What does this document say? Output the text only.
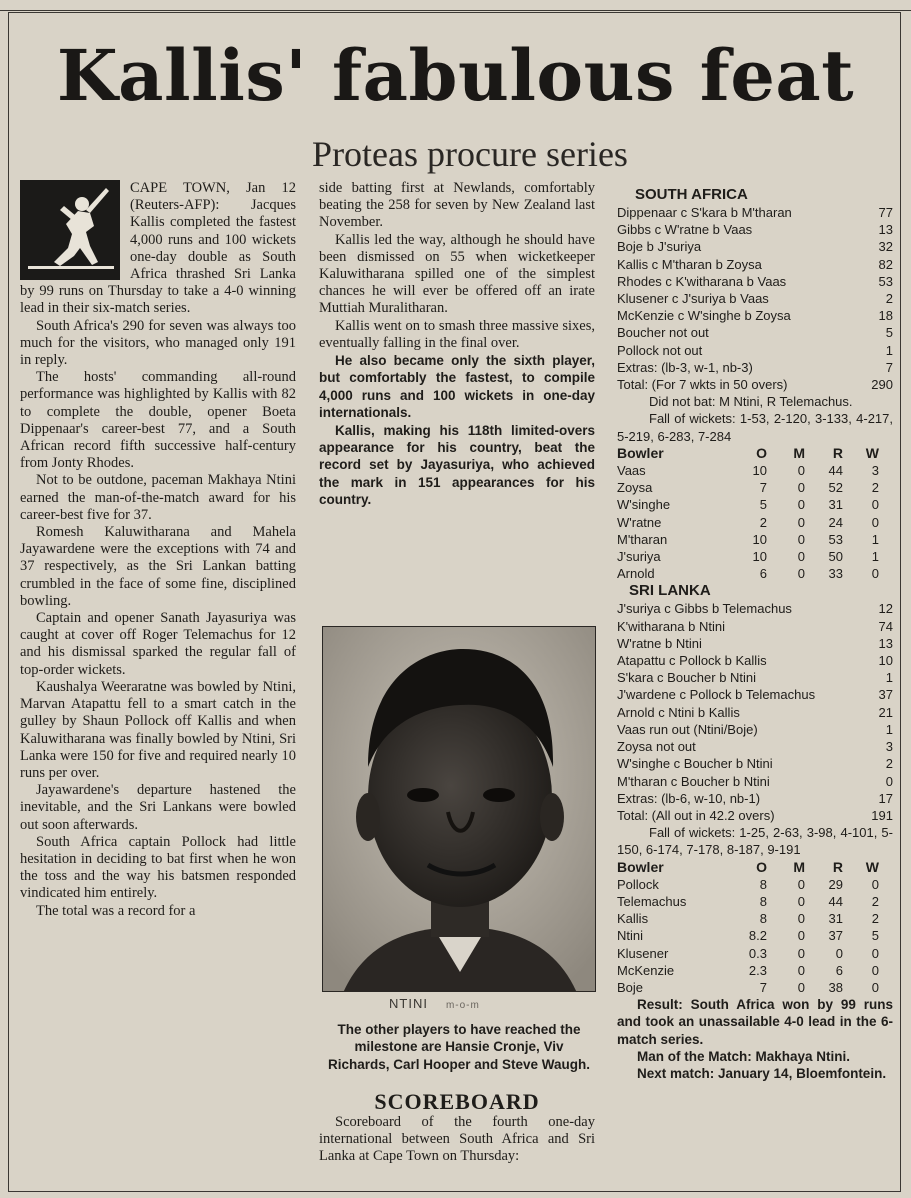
Kallis' fabulous feat
Proteas procure series

CAPE TOWN, Jan 12 (Reuters-AFP): Jacques Kallis completed the fastest 4,000 runs and 100 wickets one-day double as South Africa thrashed Sri Lanka by 99 runs on Thursday to take a 4-0 winning lead in their six-match series.

South Africa's 290 for seven was always too much for the visitors, who managed only 191 in reply.

The hosts' commanding all-round performance was highlighted by Kallis with 82 to complete the double, opener Boeta Dippenaar's career-best 77, and a South African record fifth successive half-century from Jonty Rhodes.

Not to be outdone, paceman Makhaya Ntini earned the man-of-the-match award for his career-best five for 37.

Romesh Kaluwitharana and Mahela Jayawardene were the exceptions with 74 and 37 respectively, as the Sri Lankan batting crumbled in the face of some fine, disciplined bowling.

Captain and opener Sanath Jayasuriya was caught at cover off Roger Telemachus for 12 and his dismissal sparked the regular fall of top-order wickets.

Kaushalya Weeraratne was bowled by Ntini, Marvan Atapattu fell to a smart catch in the gulley by Shaun Pollock off Kallis and when Kaluwitharana was finally bowled by Ntini, Sri Lanka were 150 for five and required nearly 10 runs per over.

Jayawardene's departure hastened the inevitable, and the Sri Lankans were bowled out soon afterwards.

South Africa captain Pollock had little hesitation in deciding to bat first when he won the toss and the way his batsmen responded vindicated him entirely.

The total was a record for a

side batting first at Newlands, comfortably beating the 258 for seven by New Zealand last November.

Kallis led the way, although he should have been dismissed on 55 when wicketkeeper Kaluwitharana spilled one of the simplest chances he will ever be offered off an irate Muttiah Muralitharan.

Kallis went on to smash three massive sixes, eventually falling in the final over.

He also became only the sixth player, but comfortably the fastest, to compile 4,000 runs and 100 wickets in one-day internationals.

Kallis, making his 118th limited-overs appearance for his country, beat the record set by Jayasuriya, who achieved the mark in 151 appearances for his country.

NTINI m-o-m
The other players to have reached the milestone are Hansie Cronje, Viv Richards, Carl Hooper and Steve Waugh.
SCOREBOARD

Scoreboard of the fourth one-day international between South Africa and Sri Lanka at Cape Town on Thursday:

SOUTH AFRICA
Dippenaar c S'kara b M'tharan	77
Gibbs c W'ratne b Vaas	13
Boje b J'suriya	32
Kallis c M'tharan b Zoysa	82
Rhodes c K'witharana b Vaas	53
Klusener c J'suriya b Vaas	2
McKenzie c W'singhe b Zoysa	18
Boucher not out	5
Pollock not out	1
Extras: (lb-3, w-1, nb-3)	7
Total: (For 7 wkts in 50 overs)	290
Did not bat: M Ntini, R Telemachus.
Fall of wickets: 1-53, 2-120, 3-133, 4-217, 5-219, 6-283, 7-284
Bowler	O	M	R	W
Vaas	10	0	44	3
Zoysa	7	0	52	2
W'singhe	5	0	31	0
W'ratne	2	0	24	0
M'tharan	10	0	53	1
J'suriya	10	0	50	1
Arnold	6	0	33	0
SRI LANKA
J'suriya c Gibbs b Telemachus	12
K'witharana b Ntini	74
W'ratne b Ntini	13
Atapattu c Pollock b Kallis	10
S'kara c Boucher b Ntini	1
J'wardene c Pollock b Telemachus	37
Arnold c Ntini b Kallis	21
Vaas run out (Ntini/Boje)	1
Zoysa not out	3
W'singhe c Boucher b Ntini	2
M'tharan c Boucher b Ntini	0
Extras: (lb-6, w-10, nb-1)	17
Total: (All out in 42.2 overs)	191
Fall of wickets: 1-25, 2-63, 3-98, 4-101, 5-150, 6-174, 7-178, 8-187, 9-191
Bowler	O	M	R	W
Pollock	8	0	29	0
Telemachus	8	0	44	2
Kallis	8	0	31	2
Ntini	8.2	0	37	5
Klusener	0.3	0	0	0
McKenzie	2.3	0	6	0
Boje	7	0	38	0

Result: South Africa won by 99 runs and took an unassailable 4-0 lead in the 6-match series.

Man of the Match: Makhaya Ntini.

Next match: January 14, Bloemfontein.
